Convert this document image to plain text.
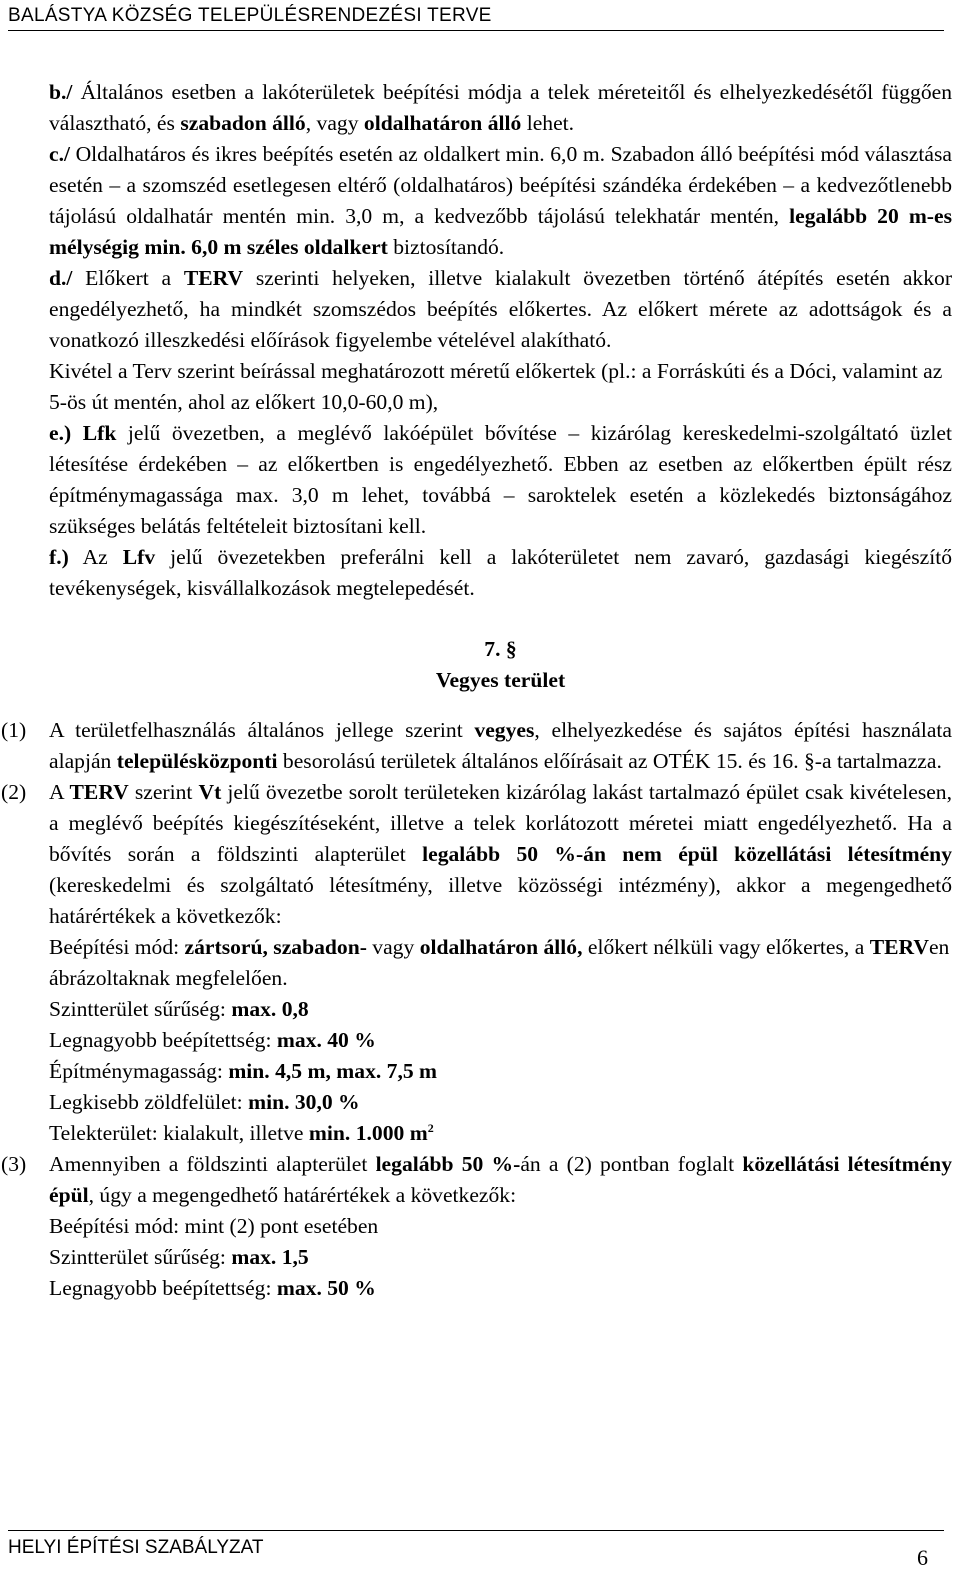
BALÁSTYA KÖZSÉG TELEPÜLÉSRENDEZÉSI TERVE

b./ Általános esetben a lakóterületek beépítési módja a telek méreteitől és elhelyezkedésétől függően választható, és szabadon álló, vagy oldalhatáron álló lehet.

c./ Oldalhatáros és ikres beépítés esetén az oldalkert min. 6,0 m. Szabadon álló beépítési mód választása esetén – a szomszéd esetlegesen eltérő (oldalhatáros) beépítési szándéka érdekében – a kedvezőtlenebb tájolású oldalhatár mentén min. 3,0 m, a kedvezőbb tájolású telekhatár mentén, legalább 20 m-es mélységig min. 6,0 m széles oldalkert biztosítandó.

d./ Előkert a TERV szerinti helyeken, illetve kialakult övezetben történő átépítés esetén akkor engedélyezhető, ha mindkét szomszédos beépítés előkertes. Az előkert mérete az adottságok és a vonatkozó illeszkedési előírások figyelembe vételével alakítható.

Kivétel a Terv szerint beírással meghatározott méretű előkertek (pl.: a Forráskúti és a Dóci, valamint az 5-ös út mentén, ahol az előkert 10,0-60,0 m),

e.) Lfk jelű övezetben, a meglévő lakóépület bővítése – kizárólag kereskedelmi-szolgáltató üzlet létesítése érdekében – az előkertben is engedélyezhető. Ebben az esetben az előkertben épült rész építménymagassága max. 3,0 m lehet, továbbá – saroktelek esetén a közlekedés biztonságához szükséges belátás feltételeit biztosítani kell.

f.) Az Lfv jelű övezetekben preferálni kell a lakóterületet nem zavaró, gazdasági kiegészítő tevékenységek, kisvállalkozások megtelepedését.

7. §

Vegyes terület

(1) A területfelhasználás általános jellege szerint vegyes, elhelyezkedése és sajátos építési használata alapján településközponti besorolású területek általános előírásait az OTÉK 15. és 16. §-a tartalmazza.

(2) A TERV szerint Vt jelű övezetbe sorolt területeken kizárólag lakást tartalmazó épület csak kivételesen, a meglévő beépítés kiegészítéseként, illetve a telek korlátozott méretei miatt engedélyezhető. Ha a bővítés során a földszinti alapterület legalább 50 %-án nem épül közellátási létesítmény (kereskedelmi és szolgáltató létesítmény, illetve közösségi intézmény), akkor a megengedhető határértékek a következők:

Beépítési mód: zártsorú, szabadon- vagy oldalhatáron álló, előkert nélküli vagy előkertes, a TERVen ábrázoltaknak megfelelően.

Szintterület sűrűség: max. 0,8

Legnagyobb beépítettség: max. 40 %

Építménymagasság: min. 4,5 m, max. 7,5 m

Legkisebb zöldfelület: min. 30,0 %

Telekterület: kialakult, illetve min. 1.000 $m^2$

(3) Amennyiben a földszinti alapterület legalább 50 %-án a (2) pontban foglalt közellátási létesítmény épül, úgy a megengedhető határértékek a következők:

Beépítési mód: mint (2) pont esetében

Szintterület sűrűség: max. 1,5

Legnagyobb beépítettség: max. 50 %

HELYI ÉPÍTÉSI SZABÁLYZAT	6
